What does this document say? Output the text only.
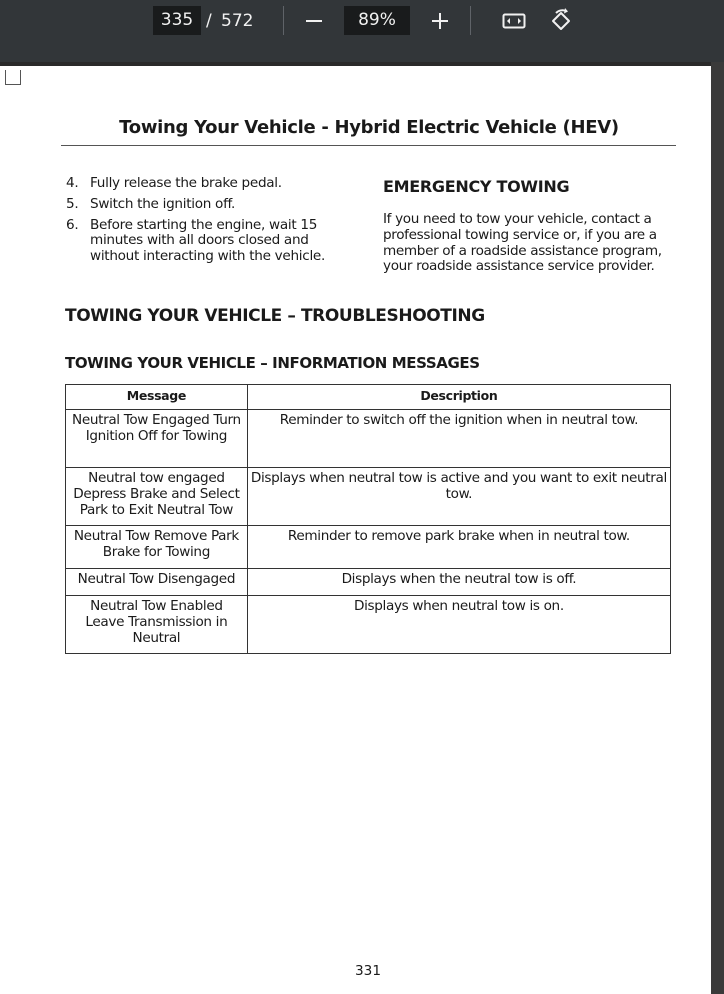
335
/ 572
89%
Towing Your Vehicle - Hybrid Electric Vehicle (HEV)
4. Fully release the brake pedal.
5. Switch the ignition off.
6. Before starting the engine, wait 15 minutes with all doors closed and without interacting with the vehicle.
EMERGENCY TOWING
If you need to tow your vehicle, contact a professional towing service or, if you are a member of a roadside assistance program, your roadside assistance service provider.
TOWING YOUR VEHICLE – TROUBLESHOOTING
TOWING YOUR VEHICLE – INFORMATION MESSAGES
Message	Description
Neutral Tow Engaged Turn Ignition Off for Towing	Reminder to switch off the ignition when in neutral tow.
Neutral tow engaged Depress Brake and Select Park to Exit Neutral Tow	Displays when neutral tow is active and you want to exit neutral tow.
Neutral Tow Remove Park Brake for Towing	Reminder to remove park brake when in neutral tow.
Neutral Tow Disengaged	Displays when the neutral tow is off.
Neutral Tow Enabled Leave Transmission in Neutral	Displays when neutral tow is on.
331
